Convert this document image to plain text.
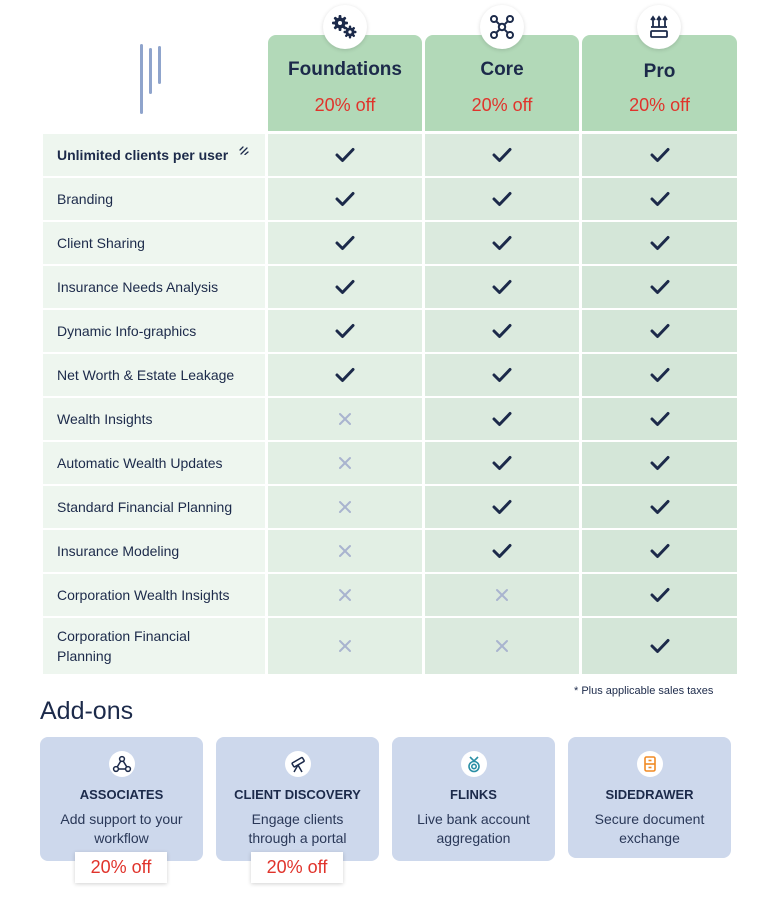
Foundations
20% off
Core
20% off
Pro
20% off
Unlimited clients per user
Branding
Client Sharing
Insurance Needs Analysis
Dynamic Info-graphics
Net Worth & Estate Leakage
Wealth Insights
Automatic Wealth Updates
Standard Financial Planning
Insurance Modeling
Corporation Wealth Insights
Corporation Financial Planning
* Plus applicable sales taxes
Add-ons
ASSOCIATES
Add support to your workflow
CLIENT DISCOVERY
Engage clients through a portal
FLINKS
Live bank account aggregation
SIDEDRAWER
Secure document exchange
20% off	20% off
